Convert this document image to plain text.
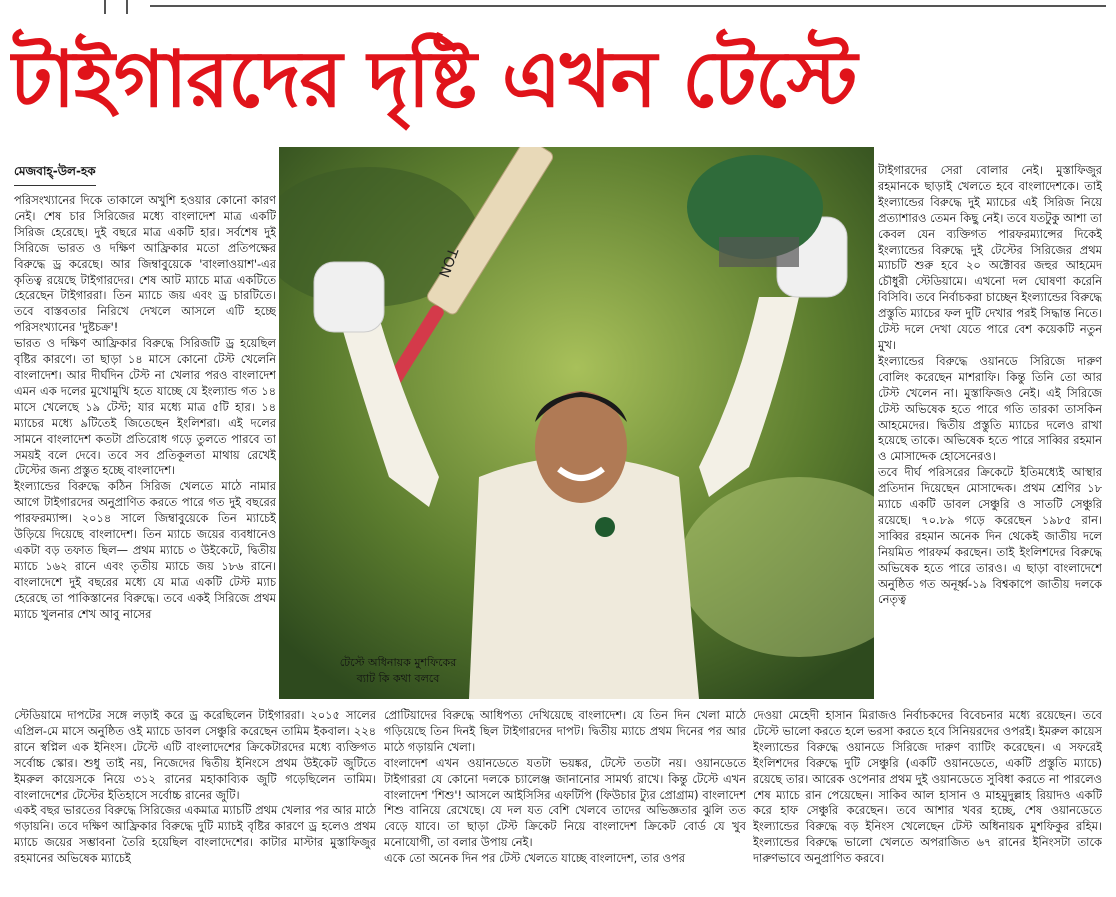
টাইগারদের দৃষ্টি এখন টেস্টে
মেজবাহ্-উল-হক

পরিসংখ্যানের দিকে তাকালে অখুশি হওয়ার কোনো কারণ নেই। শেষ চার সিরিজের মধ্যে বাংলাদেশ মাত্র একটি সিরিজ হেরেছে। দুই বছরে মাত্র একটি হার। সর্বশেষ দুই সিরিজে ভারত ও দক্ষিণ আফ্রিকার মতো প্রতিপক্ষের বিরুদ্ধে ড্র করেছে। আর জিম্বাবুয়েকে 'বাংলাওয়াশ'-এর কৃতিত্ব রয়েছে টাইগারদের। শেষ আট ম্যাচে মাত্র একটিতে হেরেছেন টাইগাররা। তিন ম্যাচে জয় এবং ড্র চারটিতে। তবে বাস্তবতার নিরিখে দেখলে আসলে এটি হচ্ছে পরিসংখ্যানের 'দুষ্টচক্র'!

ভারত ও দক্ষিণ আফ্রিকার বিরুদ্ধে সিরিজটি ড্র হয়েছিল বৃষ্টির কারণে। তা ছাড়া ১৪ মাসে কোনো টেস্ট খেলেনি বাংলাদেশ। আর দীর্ঘদিন টেস্ট না খেলার পরও বাংলাদেশ এমন এক দলের মুখোমুখি হতে যাচ্ছে যে ইংল্যান্ড গত ১৪ মাসে খেলেছে ১৯ টেস্ট; যার মধ্যে মাত্র ৫টি হার। ১৪ ম্যাচের মধ্যে ৯টিতেই জিতেছেন ইংলিশরা। এই দলের সামনে বাংলাদেশ কতটা প্রতিরোধ গড়ে তুলতে পারবে তা সময়ই বলে দেবে। তবে সব প্রতিকূলতা মাথায় রেখেই টেস্টের জন্য প্রস্তুত হচ্ছে বাংলাদেশ।

ইংল্যান্ডের বিরুদ্ধে কঠিন সিরিজ খেলতে মাঠে নামার আগে টাইগারদের অনুপ্রাণিত করতে পারে গত দুই বছরের পারফরম্যান্স। ২০১৪ সালে জিম্বাবুয়েকে তিন ম্যাচেই উড়িয়ে দিয়েছে বাংলাদেশ। তিন ম্যাচে জয়ের ব্যবধানেও একটা বড় তফাত ছিল— প্রথম ম্যাচে ৩ উইকেটে, দ্বিতীয় ম্যাচে ১৬২ রানে এবং তৃতীয় ম্যাচে জয় ১৮৬ রানে। বাংলাদেশে দুই বছরের মধ্যে যে মাত্র একটি টেস্ট ম্যাচ হেরেছে তা পাকিস্তানের বিরুদ্ধে। তবে একই সিরিজে প্রথম ম্যাচে খুলনার শেখ আবু নাসের

TON
টেস্টে অধিনায়ক মুশফিকের
ব্যাট কি কথা বলবে

টাইগারদের সেরা বোলার নেই। মুস্তাফিজুর রহমানকে ছাড়াই খেলতে হবে বাংলাদেশকে। তাই ইংল্যান্ডের বিরুদ্ধে দুই ম্যাচের এই সিরিজ নিয়ে প্রত্যাশারও তেমন কিছু নেই। তবে যতটুকু আশা তা কেবল যেন ব্যক্তিগত পারফরম্যান্সের দিকেই ইংল্যান্ডের বিরুদ্ধে দুই টেস্টের সিরিজের প্রথম ম্যাচটি শুরু হবে ২০ অক্টোবর জহুর আহমেদ চৌধুরী স্টেডিয়ামে। এখনো দল ঘোষণা করেনি বিসিবি। তবে নির্বাচকরা চাচ্ছেন ইংল্যান্ডের বিরুদ্ধে প্রস্তুতি ম্যাচের ফল দুটি দেখার পরই সিদ্ধান্ত নিতে। টেস্ট দলে দেখা যেতে পারে বেশ কয়েকটি নতুন মুখ।

ইংল্যান্ডের বিরুদ্ধে ওয়ানডে সিরিজে দারুণ বোলিং করেছেন মাশরাফি। কিন্তু তিনি তো আর টেস্ট খেলেন না। মুস্তাফিজও নেই। এই সিরিজে টেস্ট অভিষেক হতে পারে গতি তারকা তাসকিন আহমেদের। দ্বিতীয় প্রস্তুতি ম্যাচের দলেও রাখা হয়েছে তাকে। অভিষেক হতে পারে সাব্বির রহমান ও মোসাদ্দেক হোসেনেরও।

তবে দীর্ঘ পরিসরের ক্রিকেটে ইতিমধ্যেই আস্থার প্রতিদান দিয়েছেন মোসাদ্দেক। প্রথম শ্রেণির ১৮ ম্যাচে একটি ডাবল সেঞ্চুরি ও সাতটি সেঞ্চুরি রয়েছে। ৭০.৮৯ গড়ে করেছেন ১৯৮৫ রান। সাব্বির রহমান অনেক দিন থেকেই জাতীয় দলে নিয়মিত পারফর্ম করছেন। তাই ইংলিশদের বিরুদ্ধে অভিষেক হতে পারে তারও। এ ছাড়া বাংলাদেশে অনুষ্ঠিত গত অনূর্ধ্ব-১৯ বিশ্বকাপে জাতীয় দলকে নেতৃত্ব

স্টেডিয়ামে দাপটের সঙ্গে লড়াই করে ড্র করেছিলেন টাইগাররা। ২০১৫ সালের এপ্রিল-মে মাসে অনুষ্ঠিত ওই ম্যাচে ডাবল সেঞ্চুরি করেছেন তামিম ইকবাল। ২২৪ রানে স্বপ্নিল এক ইনিংস। টেস্টে এটি বাংলাদেশের ক্রিকেটারদের মধ্যে ব্যক্তিগত সর্বোচ্চ স্কোর। শুধু তাই নয়, নিজেদের দ্বিতীয় ইনিংসে প্রথম উইকেট জুটিতে ইমরুল কায়েসকে নিয়ে ৩১২ রানের মহাকাব্যিক জুটি গড়েছিলেন তামিম। বাংলাদেশের টেস্টের ইতিহাসে সর্বোচ্চ রানের জুটি।

একই বছর ভারতের বিরুদ্ধে সিরিজের একমাত্র ম্যাচটি প্রথম খেলার পর আর মাঠে গড়ায়নি। তবে দক্ষিণ আফ্রিকার বিরুদ্ধে দুটি ম্যাচই বৃষ্টির কারণে ড্র হলেও প্রথম ম্যাচে জয়ের সম্ভাবনা তৈরি হয়েছিল বাংলাদেশের। কাটার মাস্টার মুস্তাফিজুর রহমানের অভিষেক ম্যাচেই

প্রোটিয়াদের বিরুদ্ধে আধিপত্য দেখিয়েছে বাংলাদেশ। যে তিন দিন খেলা মাঠে গড়িয়েছে তিন দিনই ছিল টাইগারদের দাপট। দ্বিতীয় ম্যাচে প্রথম দিনের পর আর মাঠে গড়ায়নি খেলা।

বাংলাদেশ এখন ওয়ানডেতে যতটা ভয়ঙ্কর, টেস্টে ততটা নয়। ওয়ানডেতে টাইগাররা যে কোনো দলকে চ্যালেঞ্জ জানানোর সামর্থ্য রাখে। কিন্তু টেস্টে এখন বাংলাদেশ 'শিশু'! আসলে আইসিসির এফটিপি (ফিউচার ট্যুর প্রোগ্রাম) বাংলাদেশ শিশু বানিয়ে রেখেছে। যে দল যত বেশি খেলবে তাদের অভিজ্ঞতার ঝুলি তত বেড়ে যাবে। তা ছাড়া টেস্ট ক্রিকেট নিয়ে বাংলাদেশ ক্রিকেট বোর্ড যে খুব মনোযোগী, তা বলার উপায় নেই।

একে তো অনেক দিন পর টেস্ট খেলতে যাচ্ছে বাংলাদেশ, তার ওপর

দেওয়া মেহেদী হাসান মিরাজও নির্বাচকদের বিবেচনার মধ্যে রয়েছেন। তবে টেস্টে ভালো করতে হলে ভরসা করতে হবে সিনিয়রদের ওপরই। ইমরুল কায়েস ইংল্যান্ডের বিরুদ্ধে ওয়ানডে সিরিজে দারুণ ব্যাটিং করেছেন। এ সফরেই ইংলিশদের বিরুদ্ধে দুটি সেঞ্চুরি (একটি ওয়ানডেতে, একটি প্রস্তুতি ম্যাচে) রয়েছে তার। আরেক ওপেনার প্রথম দুই ওয়ানডেতে সুবিধা করতে না পারলেও শেষ ম্যাচে রান পেয়েছেন। সাকিব আল হাসান ও মাহমুদুল্লাহ রিয়াদও একটি করে হাফ সেঞ্চুরি করেছেন। তবে আশার খবর হচ্ছে, শেষ ওয়ানডেতে ইংল্যান্ডের বিরুদ্ধে বড় ইনিংস খেলেছেন টেস্ট অধিনায়ক মুশফিকুর রহিম। ইংল্যান্ডের বিরুদ্ধে ভালো খেলতে অপরাজিত ৬৭ রানের ইনিংসটা তাকে দারুণভাবে অনুপ্রাণিত করবে।
